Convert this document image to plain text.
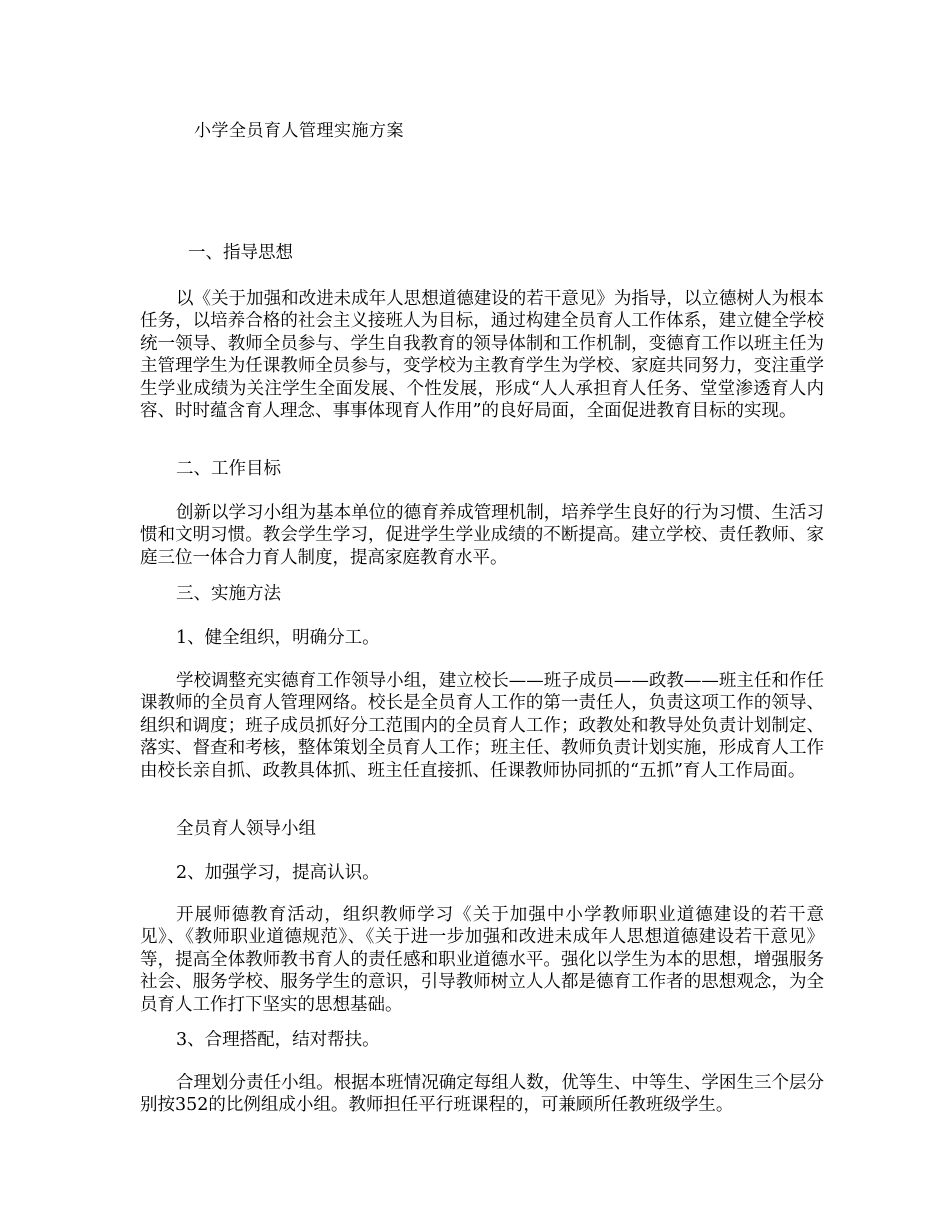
小学全员育人管理实施方案

一、指导思想

以《关于加强和改进未成年人思想道德建设的若干意见》为指导，以立德树人为根本任务，以培养合格的社会主义接班人为目标，通过构建全员育人工作体系，建立健全学校统一领导、教师全员参与、学生自我教育的领导体制和工作机制，变德育工作以班主任为主管理学生为任课教师全员参与，变学校为主教育学生为学校、家庭共同努力，变注重学生学业成绩为关注学生全面发展、个性发展，形成“人人承担育人任务、堂堂渗透育人内容、时时蕴含育人理念、事事体现育人作用”的良好局面，全面促进教育目标的实现。

二、工作目标

创新以学习小组为基本单位的德育养成管理机制，培养学生良好的行为习惯、生活习惯和文明习惯。教会学生学习，促进学生学业成绩的不断提高。建立学校、责任教师、家庭三位一体合力育人制度，提高家庭教育水平。

三、实施方法

1、健全组织，明确分工。

学校调整充实德育工作领导小组，建立校长——班子成员——政教——班主任和作任课教师的全员育人管理网络。校长是全员育人工作的第一责任人，负责这项工作的领导、组织和调度；班子成员抓好分工范围内的全员育人工作；政教处和教导处负责计划制定、落实、督查和考核，整体策划全员育人工作；班主任、教师负责计划实施，形成育人工作由校长亲自抓、政教具体抓、班主任直接抓、任课教师协同抓的“五抓”育人工作局面。

全员育人领导小组

2、加强学习，提高认识。

开展师德教育活动，组织教师学习《关于加强中小学教师职业道德建设的若干意见》、《教师职业道德规范》、《关于进一步加强和改进未成年人思想道德建设若干意见》等，提高全体教师教书育人的责任感和职业道德水平。强化以学生为本的思想，增强服务社会、服务学校、服务学生的意识，引导教师树立人人都是德育工作者的思想观念，为全员育人工作打下坚实的思想基础。

3、合理搭配，结对帮扶。

合理划分责任小组。根据本班情况确定每组人数，优等生、中等生、学困生三个层分别按352的比例组成小组。教师担任平行班课程的，可兼顾所任教班级学生。
